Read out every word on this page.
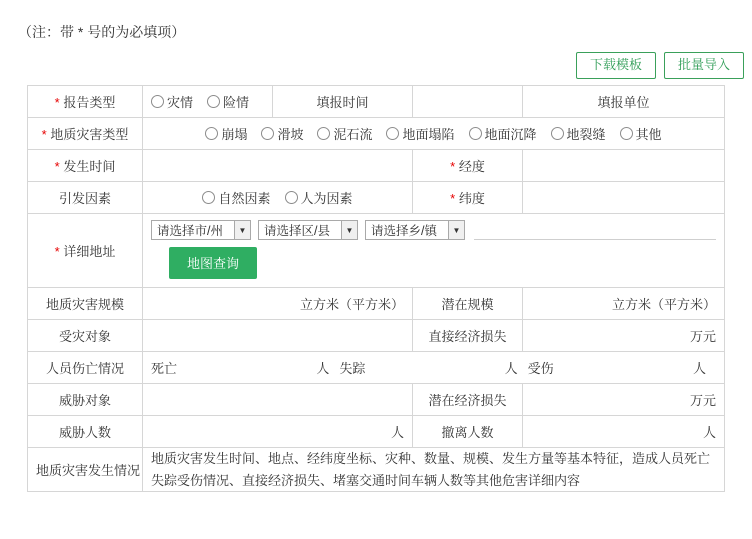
（注：带 * 号的为必填项）
下载模板	批量导入
* 报告类型	灾情 险情	填报时间		填报单位
* 地质灾害类型	崩塌 滑坡 泥石流 地面塌陷 地面沉降 地裂缝 其他

* 发生时间			* 经度	
引发因素	自然因素 人为因素		* 纬度	
* 详细地址	
请选择市/州	▼ 请选择区/县	▼ 请选择乡/镇	▼
地图查询
地质灾害规模	立方米（平方米）		潜在规模	立方米（平方米）
受灾对象			直接经济损失	万元
人员伤亡情况	死亡	人 失踪	人 受伤	人

威胁对象			潜在经济损失	万元
威胁人数	人		撤离人数	人
地质灾害发生情况	地质灾害发生时间、地点、经纬度坐标、灾种、数量、规模、发生方量等基本特征，造成人员死亡失踪受伤情况、直接经济损失、堵塞交通时间车辆人数等其他危害详细内容			
